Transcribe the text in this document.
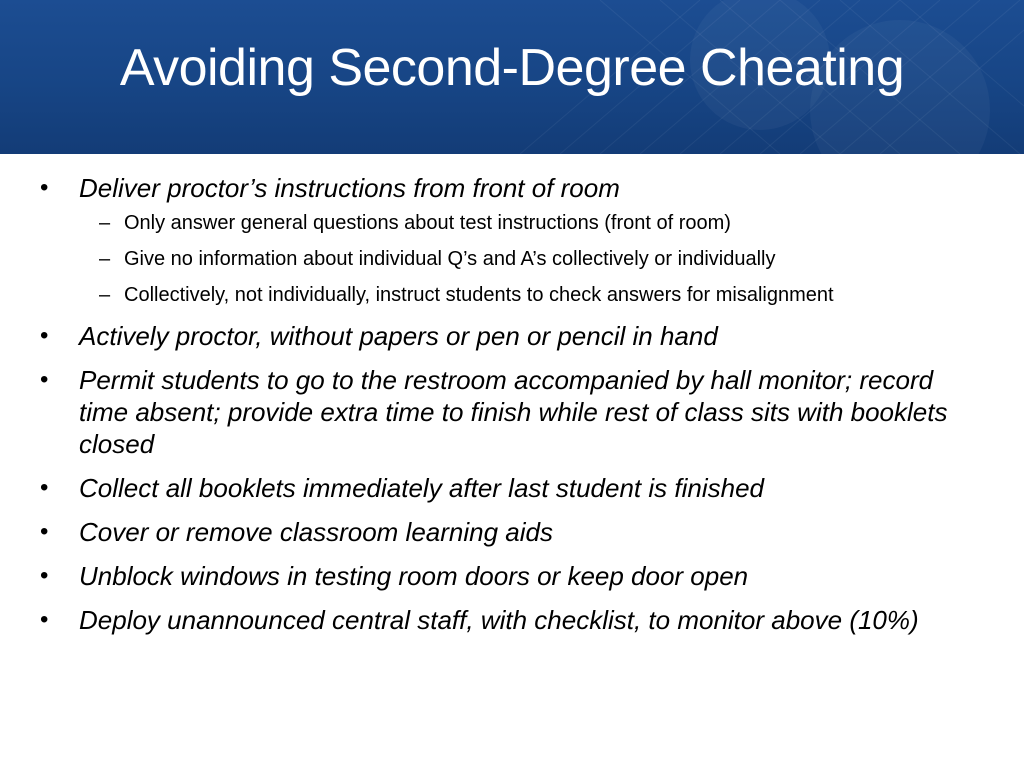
Avoiding Second-Degree Cheating
• Deliver proctor’s instructions from front of room
– Only answer general questions about test instructions (front of room)
– Give no information about individual Q’s and A’s collectively or individually
– Collectively, not individually, instruct students to check answers for misalignment
• Actively proctor, without papers or pen or pencil in hand
• Permit students to go to the restroom accompanied by hall monitor; record time absent; provide extra time to finish while rest of class sits with booklets closed
• Collect all booklets immediately after last student is finished
• Cover or remove classroom learning aids
• Unblock windows in testing room doors or keep door open
• Deploy unannounced central staff, with checklist, to monitor above (10%)
